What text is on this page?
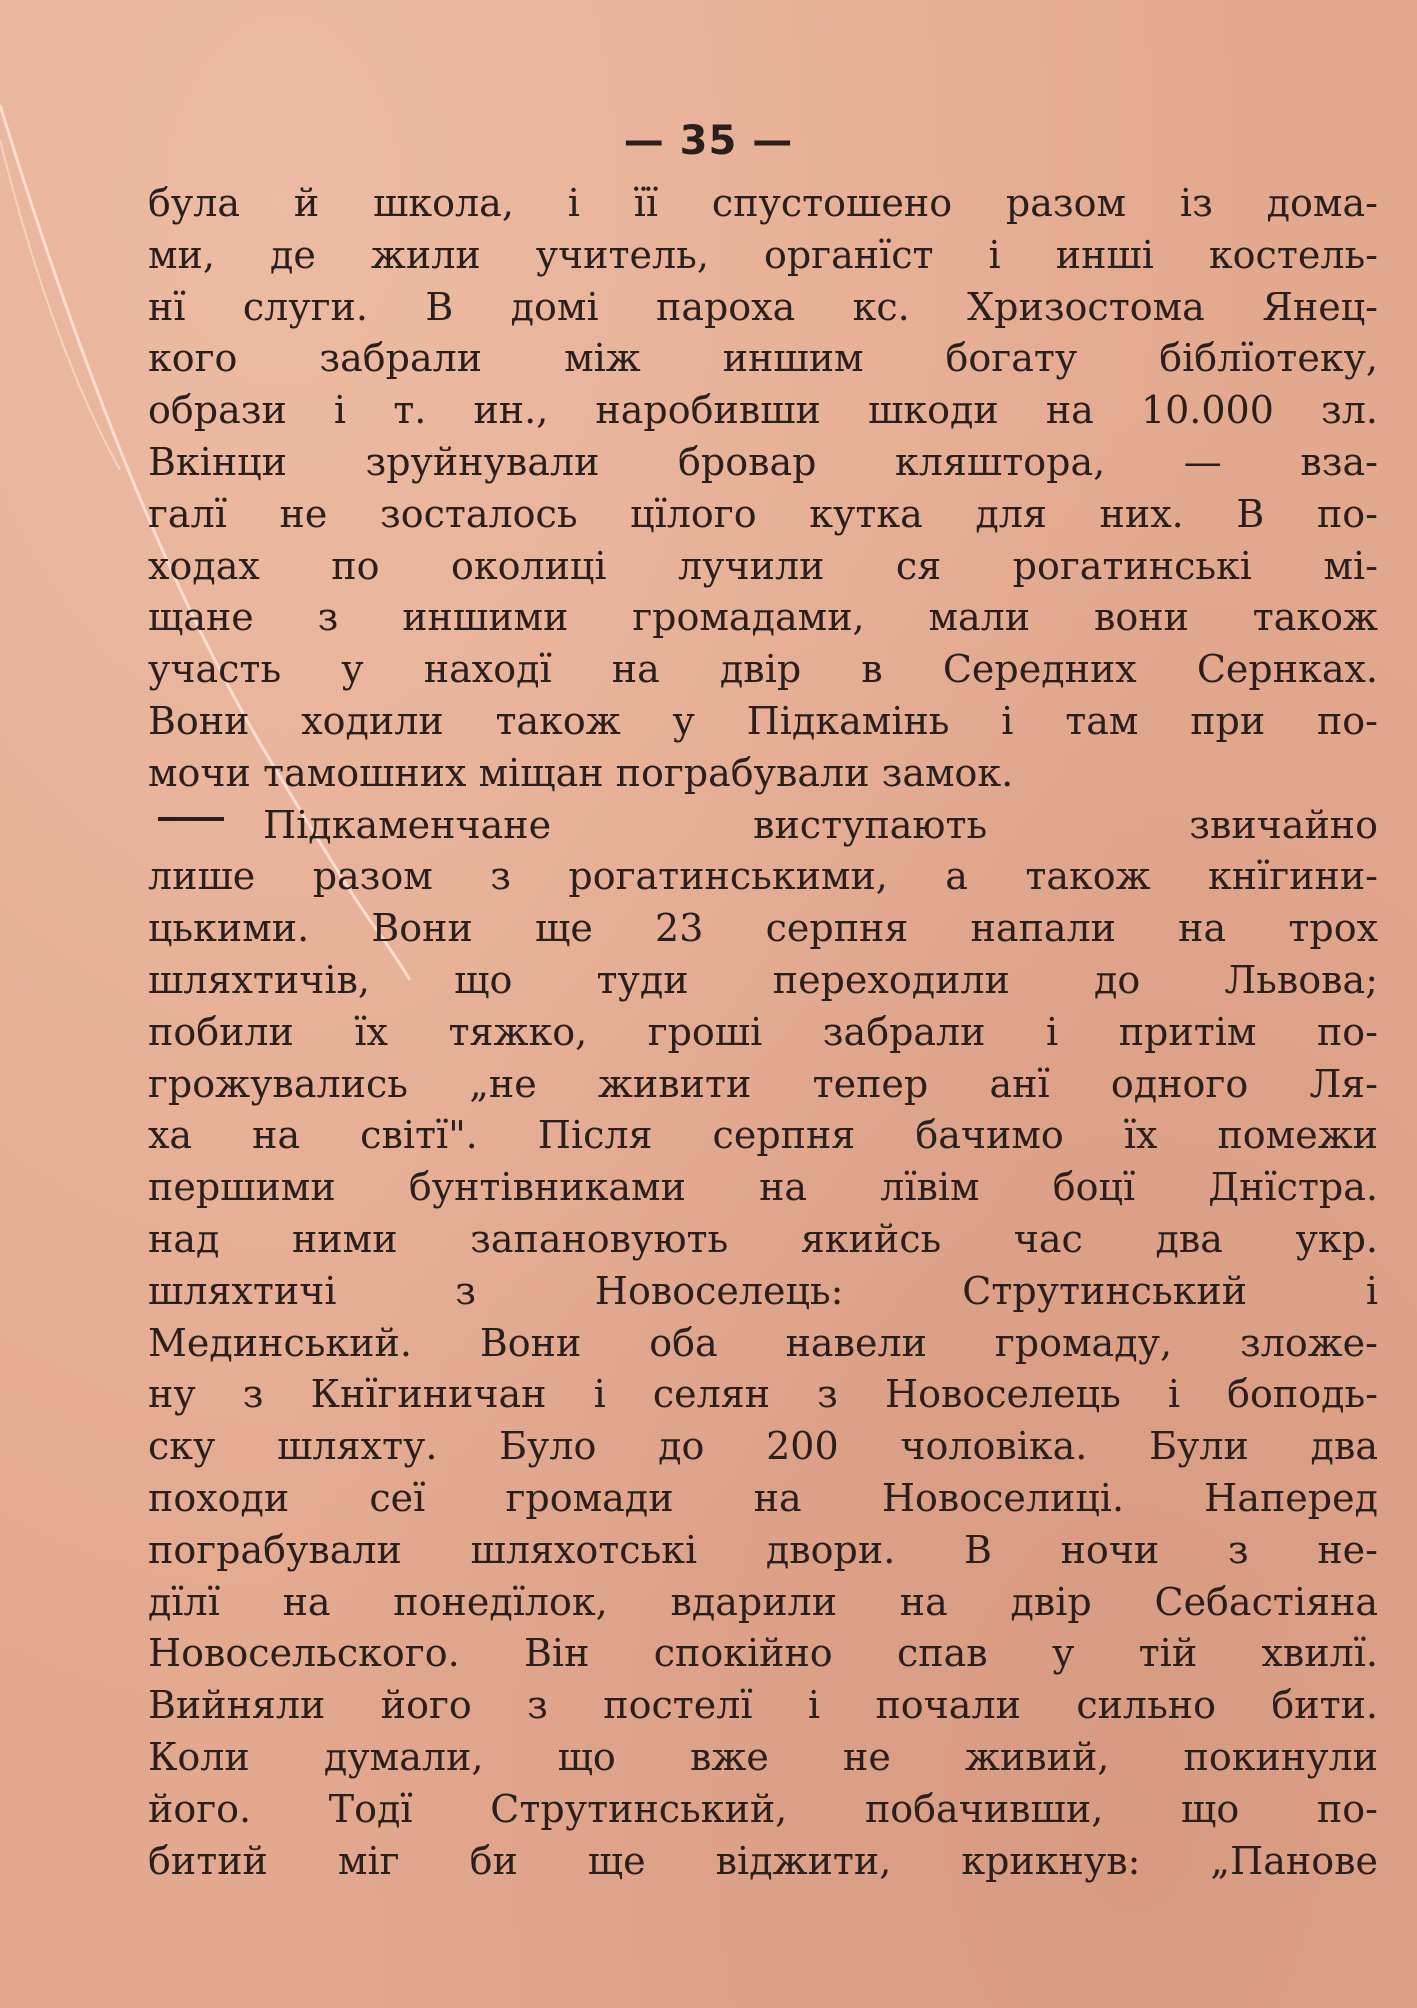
— 35 —
була й школа, і її спустошено разом із дома-
ми, де жили учитель, органїст і инші костель-
нї слуги. В домі пароха кс. Хризостома Янец-
кого забрали між иншим богату біблїотеку,
образи і т. ин., наробивши шкоди на 10.000 зл.
Вкінци зруйнували бровар кляштора, — вза-
галї не зосталось цїлого кутка для них. В по-
ходах по околиці лучили ся рогатинські мі-
щане з иншими громадами, мали вони також
участь у находї на двір в Середних Сернках.
Вони ходили також у Підкамінь і там при по-
мочи тамошних міщан пограбували замок.
Підкаменчане виступають звичайно
лише разом з рогатинськими, а також кнїгини-
цькими. Вони ще 23 серпня напали на трох
шляхтичів, що туди переходили до Львова;
побили їх тяжко, гроші забрали і притім по-
грожувались „не живити тепер анї одного Ля-
ха на світї". Після серпня бачимо їх помежи
першими бунтівниками на лївім боцї Днїстра.
над ними запановують якийсь час два укр.
шляхтичі з Новоселець: Струтинський і
Мединський. Вони оба навели громаду, зложе-
ну з Кнїгиничан і селян з Новоселець і боподь-
ску шляхту. Було до 200 чоловіка. Були два
походи сеї громади на Новоселиці. Наперед
пограбували шляхотські двори. В ночи з не-
дїлї на понедїлок, вдарили на двір Себастіяна
Новосельского. Він спокійно спав у тій хвилї.
Вийняли його з постелї і почали сильно бити.
Коли думали, що вже не живий, покинули
його. Тодї Струтинський, побачивши, що по-
битий міг би ще віджити, крикнув: „Панове
